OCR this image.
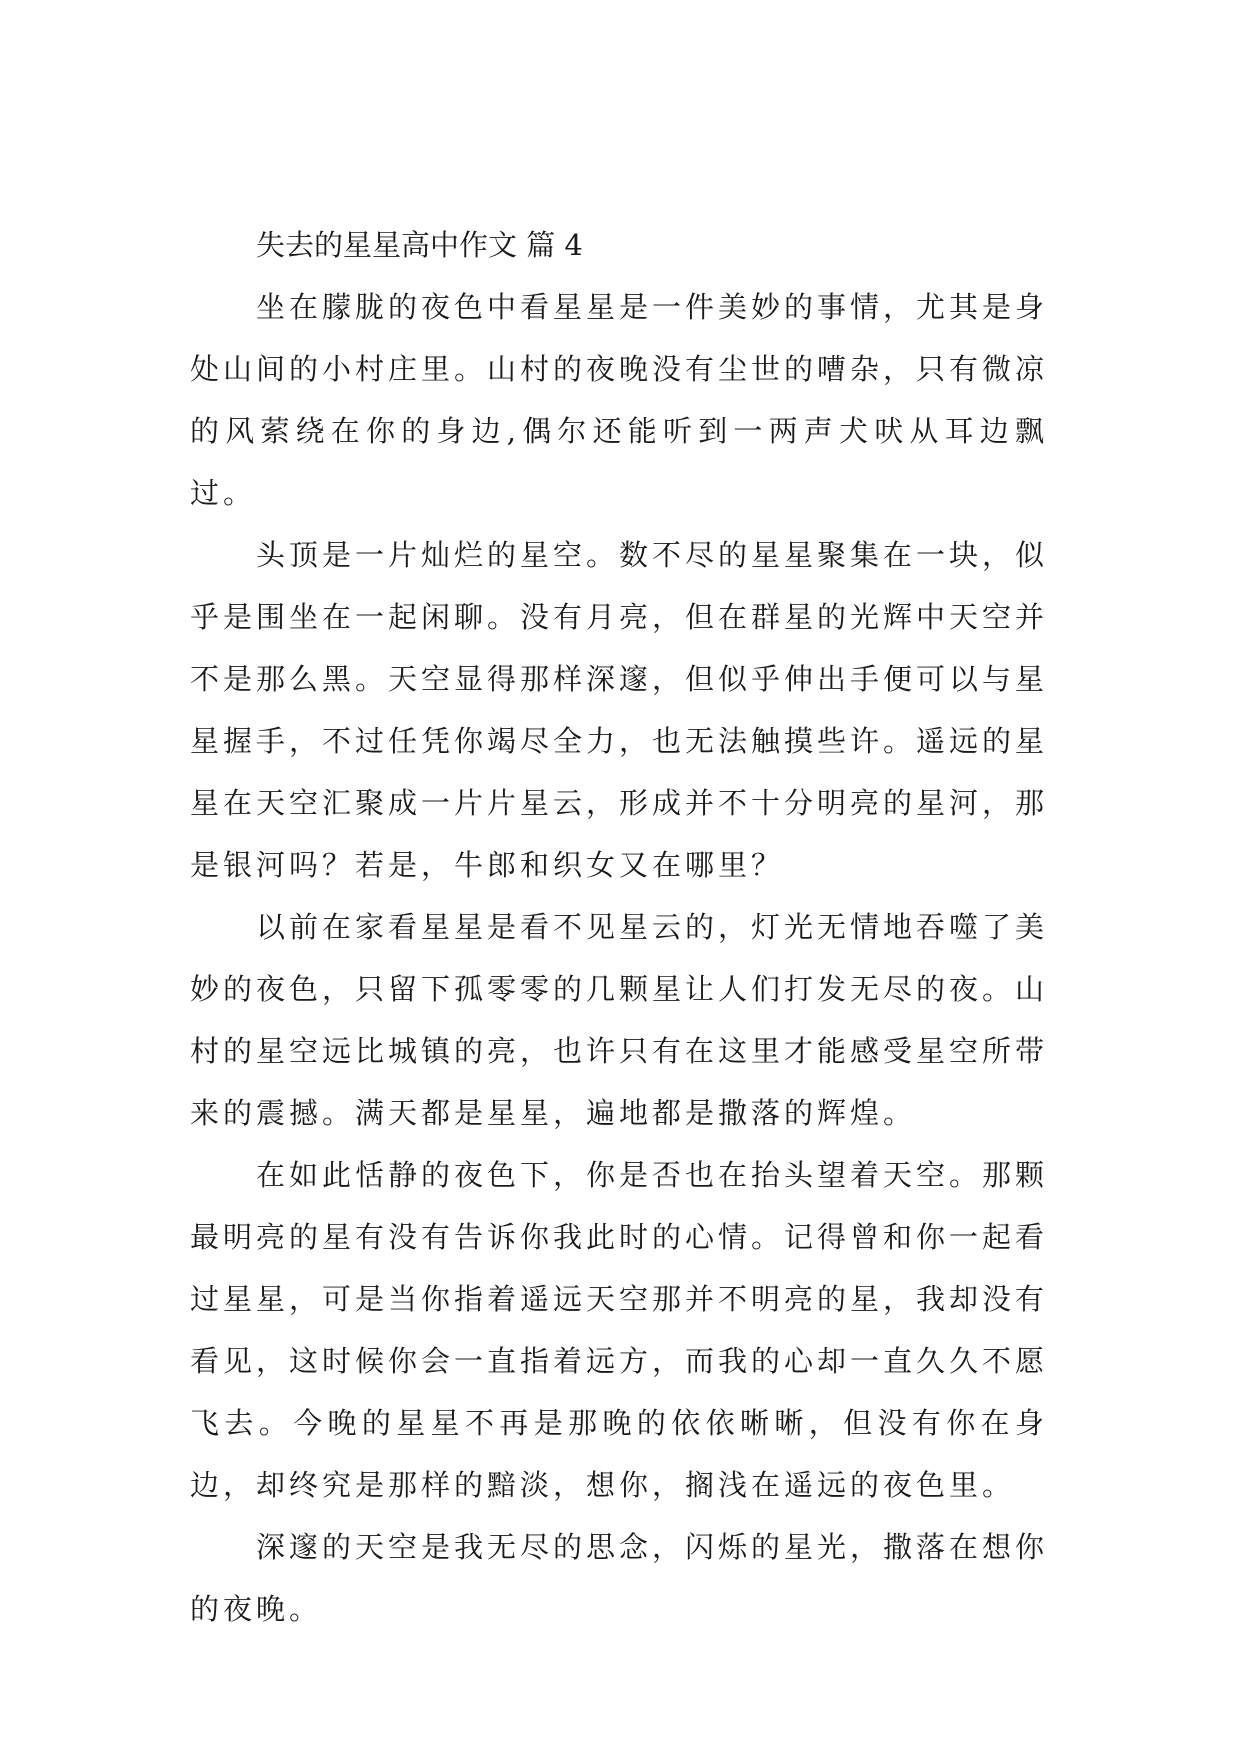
失去的星星高中作文 篇 4

坐在朦胧的夜色中看星星是一件美妙的事情，尤其是身处山间的小村庄里。山村的夜晚没有尘世的嘈杂，只有微凉的风萦绕在你的身边,偶尔还能听到一两声犬吠从耳边飘过。

头顶是一片灿烂的星空。数不尽的星星聚集在一块，似乎是围坐在一起闲聊。没有月亮，但在群星的光辉中天空并不是那么黑。天空显得那样深邃，但似乎伸出手便可以与星星握手，不过任凭你竭尽全力，也无法触摸些许。遥远的星星在天空汇聚成一片片星云，形成并不十分明亮的星河，那是银河吗？若是，牛郎和织女又在哪里？

以前在家看星星是看不见星云的，灯光无情地吞噬了美妙的夜色，只留下孤零零的几颗星让人们打发无尽的夜。山村的星空远比城镇的亮，也许只有在这里才能感受星空所带来的震撼。满天都是星星，遍地都是撒落的辉煌。

在如此恬静的夜色下，你是否也在抬头望着天空。那颗最明亮的星有没有告诉你我此时的心情。记得曾和你一起看过星星，可是当你指着遥远天空那并不明亮的星，我却没有看见，这时候你会一直指着远方，而我的心却一直久久不愿飞去。今晚的星星不再是那晚的依依晰晰，但没有你在身边，却终究是那样的黯淡，想你，搁浅在遥远的夜色里。

深邃的天空是我无尽的思念，闪烁的星光，撒落在想你的夜晚。
